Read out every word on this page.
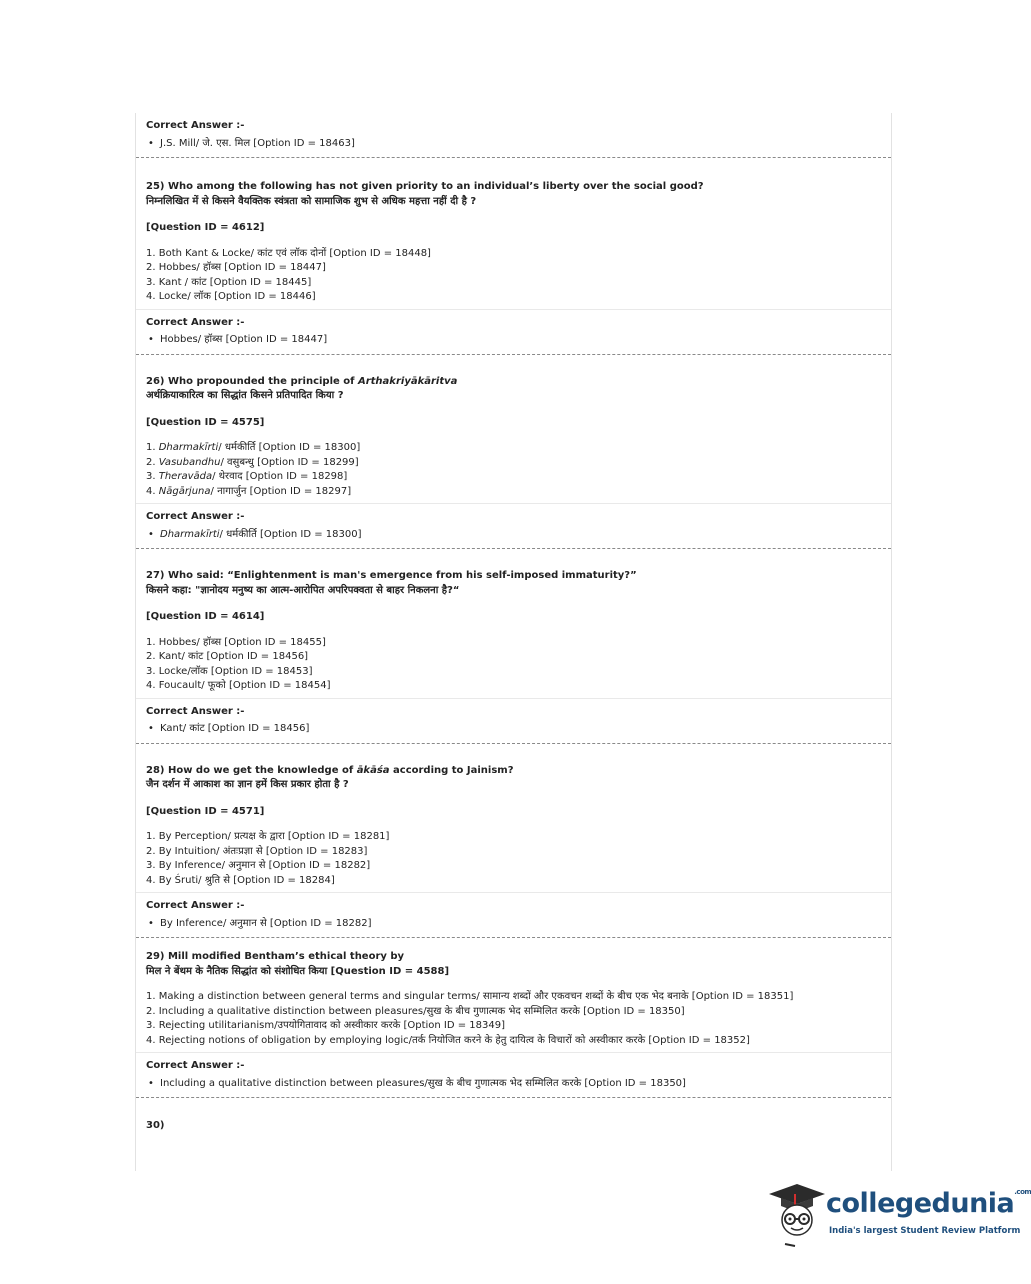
Correct Answer :-
• J.S. Mill/ जे. एस. मिल [Option ID = 18463]
25) Who among the following has not given priority to an individual’s liberty over the social good?
निम्नलिखित में से किसने वैयक्तिक स्वंत्रता को सामाजिक शुभ से अधिक महत्ता नहीं दी है ?
[Question ID = 4612]
1. Both Kant & Locke/ कांट एवं लॉक दोनों [Option ID = 18448]
2. Hobbes/ हॉब्स [Option ID = 18447]
3. Kant / कांट [Option ID = 18445]
4. Locke/ लॉक [Option ID = 18446]
Correct Answer :-
• Hobbes/ हॉब्स [Option ID = 18447]
26) Who propounded the principle of Arthakriyākāritva
अर्थक्रियाकारित्व का सिद्धांत किसने प्रतिपादित किया ?
[Question ID = 4575]
1. Dharmakīrti/ धर्मकीर्ति [Option ID = 18300]
2. Vasubandhu/ वसुबन्धु [Option ID = 18299]
3. Theravāda/ थेरवाद [Option ID = 18298]
4. Nāgārjuna/ नागार्जुन [Option ID = 18297]
Correct Answer :-
• Dharmakīrti/ धर्मकीर्ति [Option ID = 18300]
27) Who said: “Enlightenment is man's emergence from his self-imposed immaturity?”
किसने कहा: "ज्ञानोदय मनुष्य का आत्म-आरोपित अपरिपक्वता से बाहर निकलना है?“
[Question ID = 4614]
1. Hobbes/ हॉब्स [Option ID = 18455]
2. Kant/ कांट [Option ID = 18456]
3. Locke/लॉक [Option ID = 18453]
4. Foucault/ फूको [Option ID = 18454]
Correct Answer :-
• Kant/ कांट [Option ID = 18456]
28) How do we get the knowledge of ākāśa according to Jainism?
जैन दर्शन में आकाश का ज्ञान हमें किस प्रकार होता है ?
[Question ID = 4571]
1. By Perception/ प्रत्यक्ष के द्वारा [Option ID = 18281]
2. By Intuition/ अंतःप्रज्ञा से [Option ID = 18283]
3. By Inference/ अनुमान से [Option ID = 18282]
4. By Śruti/ श्रुति से [Option ID = 18284]
Correct Answer :-
• By Inference/ अनुमान से [Option ID = 18282]
29) Mill modified Bentham’s ethical theory by
मिल ने बेंथम के नैतिक सिद्धांत को संशोधित किया [Question ID = 4588]
1. Making a distinction between general terms and singular terms/ सामान्य शब्दों और एकवचन शब्दों के बीच एक भेद बनाके [Option ID = 18351]
2. Including a qualitative distinction between pleasures/सुख के बीच गुणात्मक भेद सम्मिलित करके [Option ID = 18350]
3. Rejecting utilitarianism/उपयोगितावाद को अस्वीकार करके [Option ID = 18349]
4. Rejecting notions of obligation by employing logic/तर्क नियोजित करने के हेतु दायित्व के विचारों को अस्वीकार करके [Option ID = 18352]
Correct Answer :-
• Including a qualitative distinction between pleasures/सुख के बीच गुणात्मक भेद सम्मिलित करके [Option ID = 18350]
30)
collegedunia$^{.com}$
India's largest Student Review Platform
